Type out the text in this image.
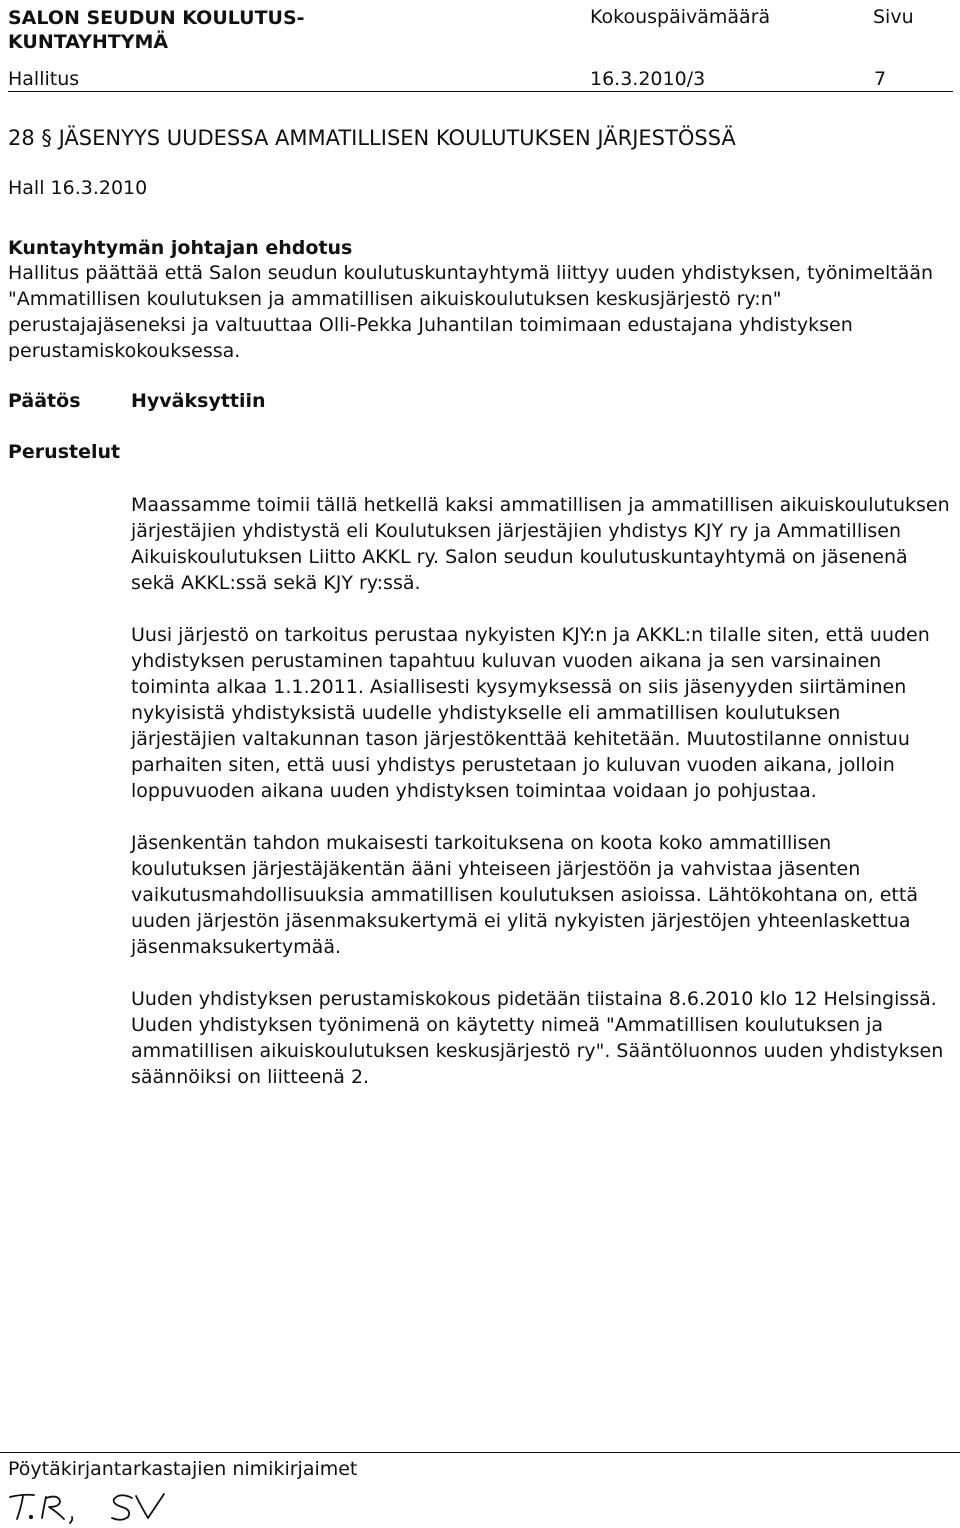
SALON SEUDUN KOULUTUS-
KUNTAYHTYMÄ
Kokouspäivämäärä	Sivu
Hallitus	16.3.2010/3	7
28 § JÄSENYYS UUDESSA AMMATILLISEN KOULUTUKSEN JÄRJESTÖSSÄ
Hall 16.3.2010
Kuntayhtymän johtajan ehdotus
Hallitus päättää että Salon seudun koulutuskuntayhtymä liittyy uuden yhdistyksen, työnimeltään "Ammatillisen koulutuksen ja ammatillisen aikuiskoulutuksen keskusjärjestö ry:n" perustajajäseneksi ja valtuuttaa Olli-Pekka Juhantilan toimimaan edustajana yhdistyksen perustamiskokouksessa.
Päätös	Hyväksyttiin
Perustelut

Maassamme toimii tällä hetkellä kaksi ammatillisen ja ammatillisen aikuiskoulutuksen järjestäjien yhdistystä eli Koulutuksen järjestäjien yhdistys KJY ry ja Ammatillisen Aikuiskoulutuksen Liitto AKKL ry. Salon seudun koulutuskuntayhtymä on jäsenenä sekä AKKL:ssä sekä KJY ry:ssä.

Uusi järjestö on tarkoitus perustaa nykyisten KJY:n ja AKKL:n tilalle siten, että uuden yhdistyksen perustaminen tapahtuu kuluvan vuoden aikana ja sen varsinainen toiminta alkaa 1.1.2011. Asiallisesti kysymyksessä on siis jäsenyyden siirtäminen nykyisistä yhdistyksistä uudelle yhdistykselle eli ammatillisen koulutuksen järjestäjien valtakunnan tason järjestökenttää kehitetään. Muutostilanne onnistuu parhaiten siten, että uusi yhdistys perustetaan jo kuluvan vuoden aikana, jolloin loppuvuoden aikana uuden yhdistyksen toimintaa voidaan jo pohjustaa.

Jäsenkentän tahdon mukaisesti tarkoituksena on koota koko ammatillisen koulutuksen järjestäjäkentän ääni yhteiseen järjestöön ja vahvistaa jäsenten vaikutusmahdollisuuksia ammatillisen koulutuksen asioissa. Lähtökohtana on, että uuden järjestön jäsenmaksukertymä ei ylitä nykyisten järjestöjen yhteenlaskettua jäsenmaksukertymää.

Uuden yhdistyksen perustamiskokous pidetään tiistaina 8.6.2010 klo 12 Helsingissä. Uuden yhdistyksen työnimenä on käytetty nimeä "Ammatillisen koulutuksen ja ammatillisen aikuiskoulutuksen keskusjärjestö ry". Sääntöluonnos uuden yhdistyksen säännöiksi on liitteenä 2.

Pöytäkirjantarkastajien nimikirjaimet
